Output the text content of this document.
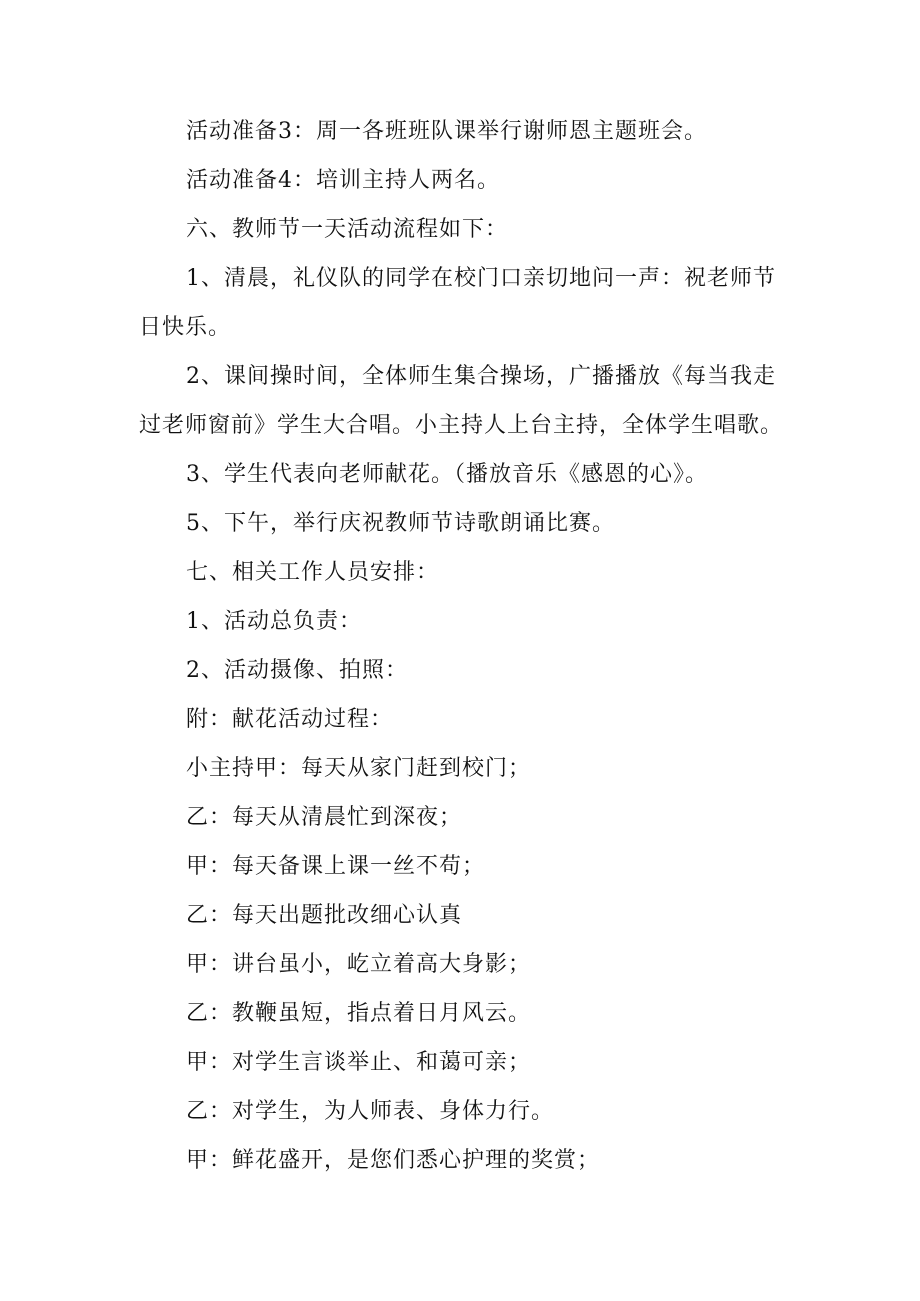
活动准备3：周一各班班队课举行谢师恩主题班会。
活动准备4：培训主持人两名。
六、教师节一天活动流程如下：
1、清晨，礼仪队的同学在校门口亲切地问一声：祝老师节
日快乐。
2、课间操时间，全体师生集合操场，广播播放《每当我走
过老师窗前》学生大合唱。小主持人上台主持，全体学生唱歌。
3、学生代表向老师献花。（播放音乐《感恩的心》。
5、下午，举行庆祝教师节诗歌朗诵比赛。
七、相关工作人员安排：
1、活动总负责：
2、活动摄像、拍照：
附：献花活动过程：
小主持甲：每天从家门赶到校门；
乙：每天从清晨忙到深夜；
甲：每天备课上课一丝不苟；
乙：每天出题批改细心认真
甲：讲台虽小，屹立着高大身影；
乙：教鞭虽短，指点着日月风云。
甲：对学生言谈举止、和蔼可亲；
乙：对学生，为人师表、身体力行。
甲：鲜花盛开，是您们悉心护理的奖赏；
